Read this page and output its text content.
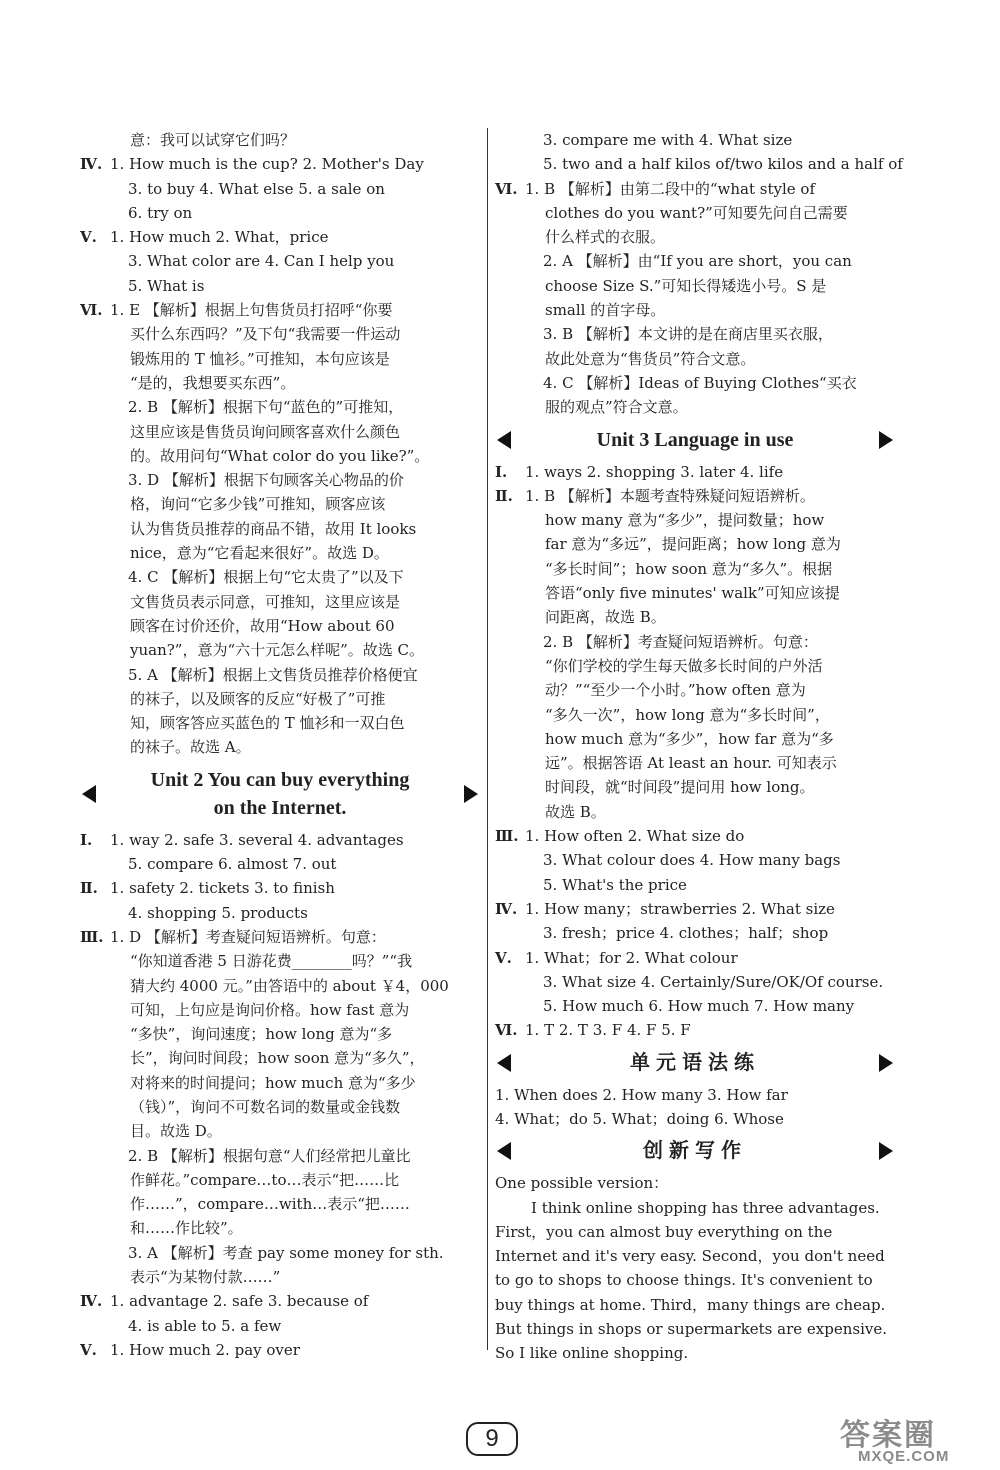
意：我可以试穿它们吗？
Ⅳ. 1. How much is the cup? 2. Mother's Day
3. to buy 4. What else 5. a sale on
6. try on
Ⅴ. 1. How much 2. What，price
3. What color are 4. Can I help you
5. What is
Ⅵ. 1. E 【解析】根据上句售货员打招呼“你要
买什么东西吗？”及下句“我需要一件运动
锻炼用的 T 恤衫。”可推知，本句应该是
“是的，我想要买东西”。
2. B 【解析】根据下句“蓝色的”可推知，
这里应该是售货员询问顾客喜欢什么颜色
的。故用问句“What color do you like?”。
3. D 【解析】根据下句顾客关心物品的价
格，询问“它多少钱”可推知，顾客应该
认为售货员推荐的商品不错，故用 It looks
nice，意为“它看起来很好”。故选 D。
4. C 【解析】根据上句“它太贵了”以及下
文售货员表示同意，可推知，这里应该是
顾客在讨价还价，故用“How about 60
yuan?”，意为“六十元怎么样呢”。故选 C。
5. A 【解析】根据上文售货员推荐价格便宜
的袜子，以及顾客的反应“好极了”可推
知，顾客答应买蓝色的 T 恤衫和一双白色
的袜子。故选 A。
Unit 2 You can buy everything
on the Internet.
Ⅰ.	1. way 2. safe 3. several 4. advantages
5. compare 6. almost 7. out
Ⅱ. 1. safety 2. tickets 3. to finish
4. shopping 5. products
Ⅲ. 1. D 【解析】考查疑问短语辨析。句意：
“你知道香港 5 日游花费________吗？”“我
猜大约 4000 元。”由答语中的 about ￥4，000
可知，上句应是询问价格。how fast 意为
“多快”，询问速度；how long 意为“多
长”，询问时间段；how soon 意为“多久”，
对将来的时间提问；how much 意为“多少
（钱）”，询问不可数名词的数量或金钱数
目。故选 D。
2. B 【解析】根据句意“人们经常把儿童比
作鲜花。”compare…to…表示“把……比
作……”，compare…with…表示“把……
和……作比较”。
3. A 【解析】考查 pay some money for sth.
表示“为某物付款……”
Ⅳ. 1. advantage 2. safe 3. because of
4. is able to 5. a few
Ⅴ. 1. How much 2. pay over
3. compare me with 4. What size
5. two and a half kilos of/two kilos and a half of
Ⅵ. 1. B 【解析】由第二段中的“what style of
clothes do you want?”可知要先问自己需要
什么样式的衣服。
2. A 【解析】由“If you are short，you can
choose Size S.”可知长得矮选小号。S 是
small 的首字母。
3. B 【解析】本文讲的是在商店里买衣服，
故此处意为“售货员”符合文意。
4. C 【解析】Ideas of Buying Clothes“买衣
服的观点”符合文意。
Unit 3 Language in use
Ⅰ.	1. ways 2. shopping 3. later 4. life
Ⅱ. 1. B 【解析】本题考查特殊疑问短语辨析。
how many 意为“多少”，提问数量；how
far 意为“多远”，提问距离；how long 意为
“多长时间”；how soon 意为“多久”。根据
答语“only five minutes' walk”可知应该提
问距离，故选 B。
2. B 【解析】考查疑问短语辨析。句意：
“你们学校的学生每天做多长时间的户外活
动？”“至少一个小时。”how often 意为
“多久一次”，how long 意为“多长时间”，
how much 意为“多少”，how far 意为“多
远”。根据答语 At least an hour. 可知表示
时间段，就“时间段”提问用 how long。
故选 B。
Ⅲ. 1. How often 2. What size do
3. What colour does 4. How many bags
5. What's the price
Ⅳ. 1. How many；strawberries 2. What size
3. fresh；price 4. clothes；half；shop
Ⅴ. 1. What；for 2. What colour
3. What size 4. Certainly/Sure/OK/Of course.
5. How much 6. How much 7. How many
Ⅵ. 1. T 2. T 3. F 4. F 5. F
单元语法练
1. When does 2. How many 3. How far
4. What；do 5. What；doing 6. Whose
创新写作
One possible version：
I think online shopping has three advantages.
First，you can almost buy everything on the
Internet and it's very easy. Second，you don't need
to go to shops to choose things. It's convenient to
buy things at home. Third，many things are cheap.
But things in shops or supermarkets are expensive.
So I like online shopping.
9	答案圈
MXQE.COM
